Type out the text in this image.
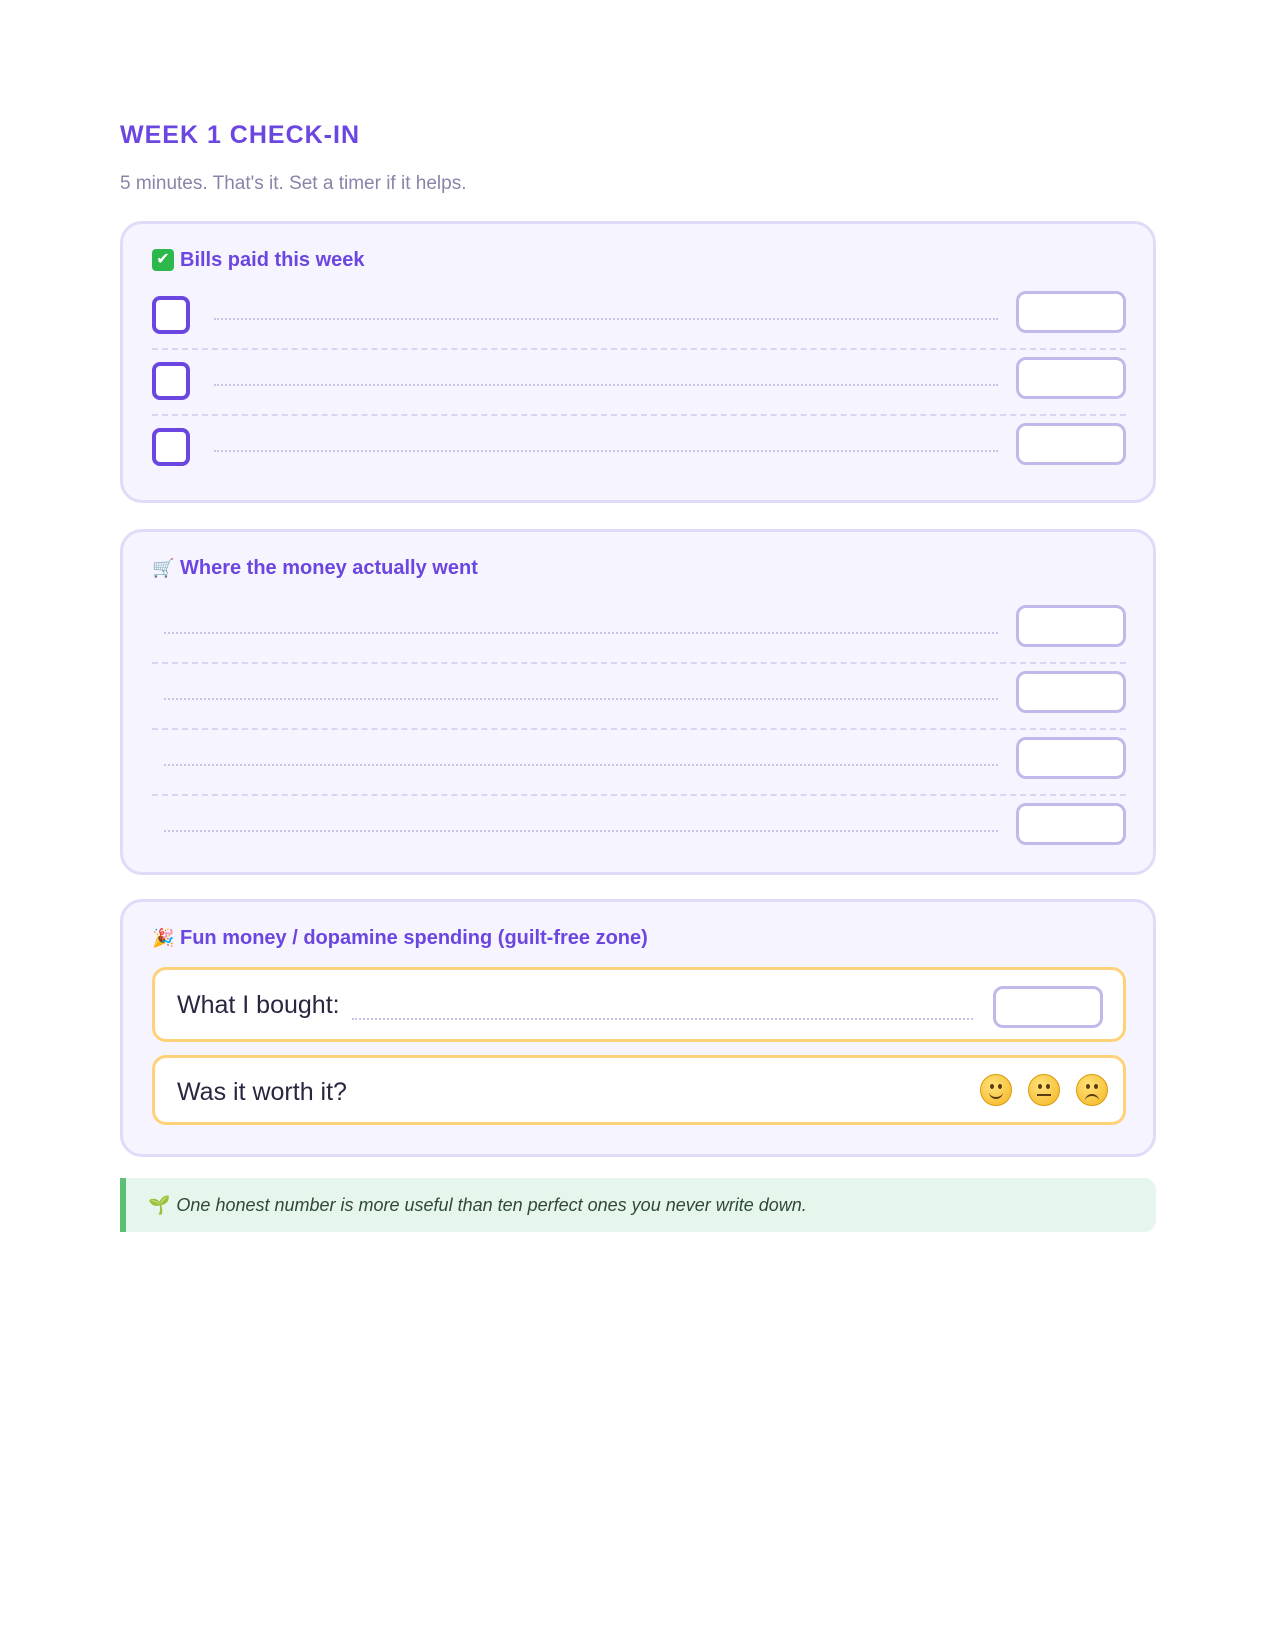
WEEK 1 CHECK-IN
5 minutes. That's it. Set a timer if it helps.
✔ Bills paid this week
🛒 Where the money actually went
🎉 Fun money / dopamine spending (guilt-free zone)
What I bought:
Was it worth it?
🌱 One honest number is more useful than ten perfect ones you never write down.
